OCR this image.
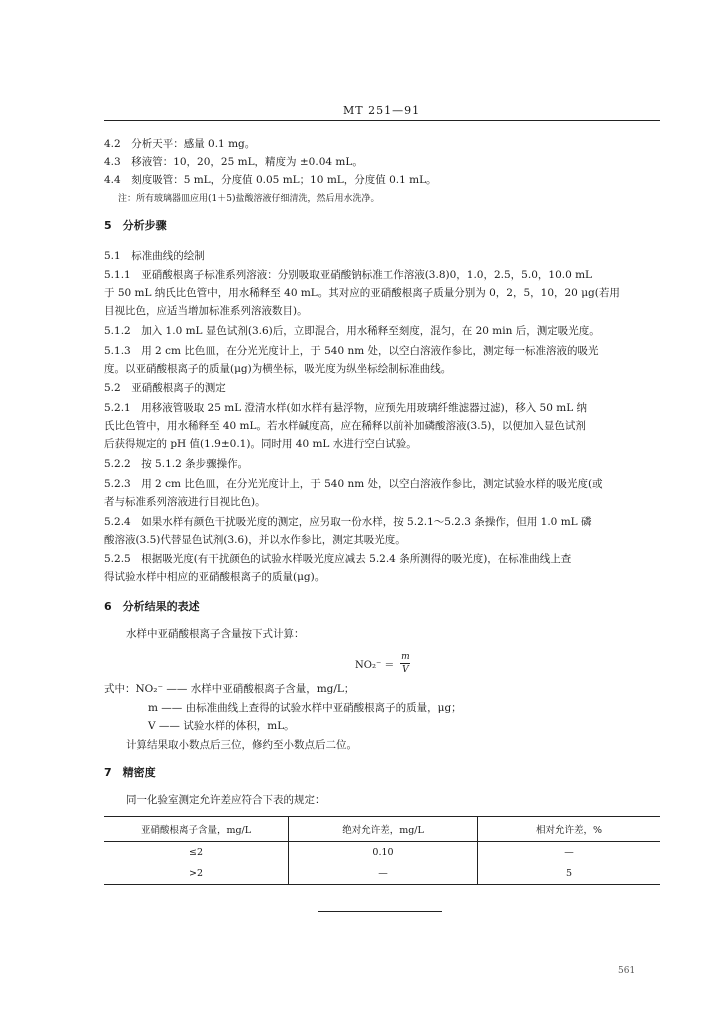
MT 251—91
4.2　分析天平：感量 0.1 mg。
4.3　移液管：10，20，25 mL，精度为 ±0.04 mL。
4.4　刻度吸管：5 mL，分度值 0.05 mL；10 mL，分度值 0.1 mL。
注：所有玻璃器皿应用(1＋5)盐酸溶液仔细清洗，然后用水洗净。
5　分析步骤
5.1　标准曲线的绘制
5.1.1　亚硝酸根离子标准系列溶液：分别吸取亚硝酸钠标准工作溶液(3.8)0，1.0，2.5，5.0，10.0 mL
于 50 mL 纳氏比色管中，用水稀释至 40 mL。其对应的亚硝酸根离子质量分别为 0，2，5，10，20 μg(若用
目视比色，应适当增加标准系列溶液数目)。
5.1.2　加入 1.0 mL 显色试剂(3.6)后，立即混合，用水稀释至刻度，混匀，在 20 min 后，测定吸光度。
5.1.3　用 2 cm 比色皿，在分光光度计上，于 540 nm 处，以空白溶液作参比，测定每一标准溶液的吸光
度。以亚硝酸根离子的质量(μg)为横坐标，吸光度为纵坐标绘制标准曲线。
5.2　亚硝酸根离子的测定
5.2.1　用移液管吸取 25 mL 澄清水样(如水样有悬浮物，应预先用玻璃纤维滤器过滤)，移入 50 mL 纳
氏比色管中，用水稀释至 40 mL。若水样碱度高，应在稀释以前补加磷酸溶液(3.5)，以便加入显色试剂
后获得规定的 pH 值(1.9±0.1)。同时用 40 mL 水进行空白试验。
5.2.2　按 5.1.2 条步骤操作。
5.2.3　用 2 cm 比色皿，在分光光度计上，于 540 nm 处，以空白溶液作参比，测定试验水样的吸光度(或
者与标准系列溶液进行目视比色)。
5.2.4　如果水样有颜色干扰吸光度的测定，应另取一份水样，按 5.2.1～5.2.3 条操作，但用 1.0 mL 磷
酸溶液(3.5)代替显色试剂(3.6)，并以水作参比，测定其吸光度。
5.2.5　根据吸光度(有干扰颜色的试验水样吸光度应减去 5.2.4 条所测得的吸光度)，在标准曲线上查
得试验水样中相应的亚硝酸根离子的质量(μg)。
6　分析结果的表述
水样中亚硝酸根离子含量按下式计算：
$NO_2^- = \frac{m}{V}$
式中：NO₂⁻ —— 水样中亚硝酸根离子含量，mg/L；
m —— 由标准曲线上查得的试验水样中亚硝酸根离子的质量，μg；
V —— 试验水样的体积，mL。
计算结果取小数点后三位，修约至小数点后二位。
7　精密度
同一化验室测定允许差应符合下表的规定：
亚硝酸根离子含量，mg/L	绝对允许差，mg/L	相对允许差，%
≤2	0.10	—
>2	—	5
561
